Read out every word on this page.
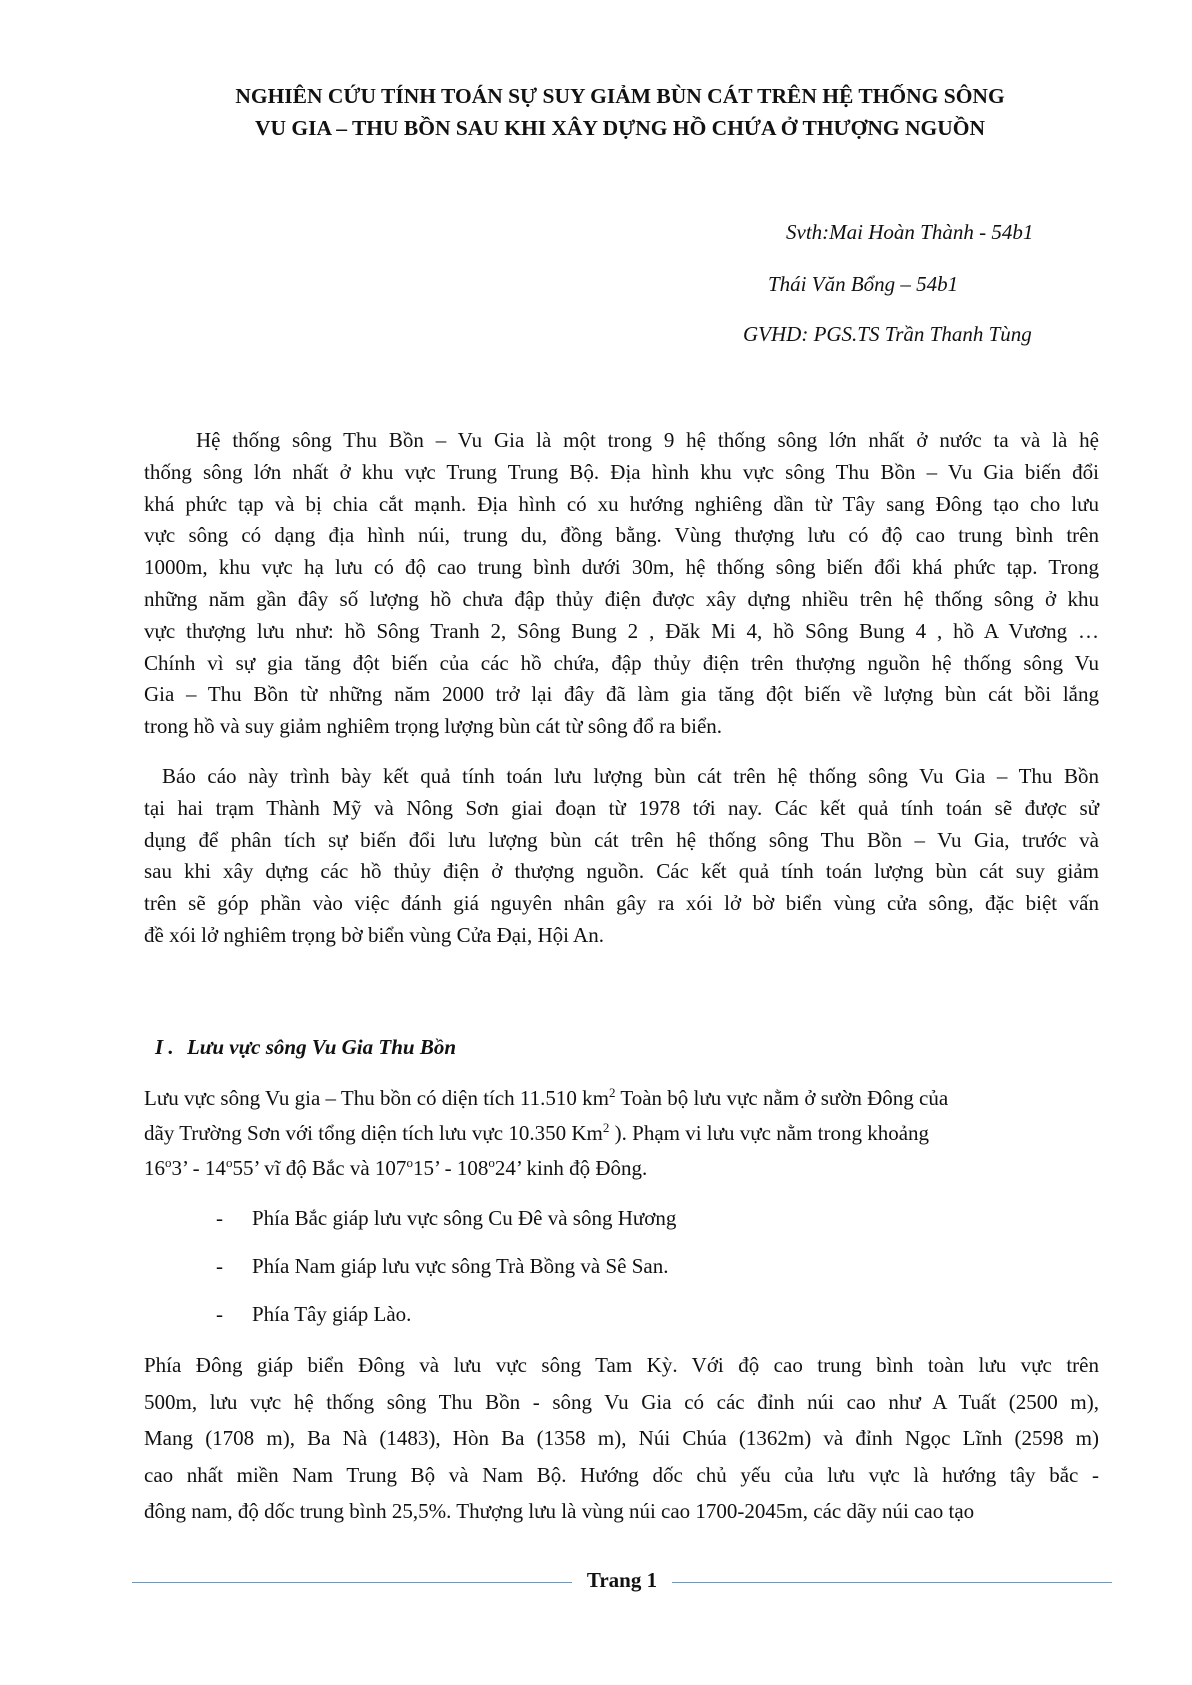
NGHIÊN CỨU TÍNH TOÁN SỰ SUY GIẢM BÙN CÁT TRÊN HỆ THỐNG SÔNG
VU GIA – THU BỒN SAU KHI XÂY DỰNG HỒ CHỨA Ở THƯỢNG NGUỒN
Svth:Mai Hoàn Thành - 54b1
Thái Văn Bổng – 54b1
GVHD: PGS.TS Trần Thanh Tùng
Hệ thống sông Thu Bồn – Vu Gia là một trong 9 hệ thống sông lớn nhất ở nước ta và là hệ
thống sông lớn nhất ở khu vực Trung Trung Bộ. Địa hình khu vực sông Thu Bồn – Vu Gia biến đổi
khá phức tạp và bị chia cắt mạnh. Địa hình có xu hướng nghiêng dần từ Tây sang Đông tạo cho lưu
vực sông có dạng địa hình núi, trung du, đồng bằng. Vùng thượng lưu có độ cao trung bình trên
1000m, khu vực hạ lưu có độ cao trung bình dưới 30m, hệ thống sông biến đổi khá phức tạp. Trong
những năm gần đây số lượng hồ chưa đập thủy điện được xây dựng nhiều trên hệ thống sông ở khu
vực thượng lưu như: hồ Sông Tranh 2, Sông Bung 2 , Đăk Mi 4, hồ Sông Bung 4 , hồ A Vương …
Chính vì sự gia tăng đột biến của các hồ chứa, đập thủy điện trên thượng nguồn hệ thống sông Vu
Gia – Thu Bồn từ những năm 2000 trở lại đây đã làm gia tăng đột biến về lượng bùn cát bồi lắng
trong hồ và suy giảm nghiêm trọng lượng bùn cát từ sông đổ ra biển.
Báo cáo này trình bày kết quả tính toán lưu lượng bùn cát trên hệ thống sông Vu Gia – Thu Bồn
tại hai trạm Thành Mỹ và Nông Sơn giai đoạn từ 1978 tới nay. Các kết quả tính toán sẽ được sử
dụng để phân tích sự biến đổi lưu lượng bùn cát trên hệ thống sông Thu Bồn – Vu Gia, trước và
sau khi xây dựng các hồ thủy điện ở thượng nguồn. Các kết quả tính toán lượng bùn cát suy giảm
trên sẽ góp phần vào việc đánh giá nguyên nhân gây ra xói lở bờ biển vùng cửa sông, đặc biệt vấn
đề xói lở nghiêm trọng bờ biển vùng Cửa Đại, Hội An.
I . Lưu vực sông Vu Gia Thu Bồn
Lưu vực sông Vu gia – Thu bồn có diện tích 11.510 $km^2$ Toàn bộ lưu vực nằm ở sườn Đông của
dãy Trường Sơn với tổng diện tích lưu vực 10.350 Km$^2$ ). Phạm vi lưu vực nằm trong khoảng
16$^o$3’ - 14$^o$55’ vĩ độ Bắc và 107$^o$15’ - 108$^o$24’ kinh độ Đông.
- Phía Bắc giáp lưu vực sông Cu Đê và sông Hương
- Phía Nam giáp lưu vực sông Trà Bồng và Sê San.
- Phía Tây giáp Lào.
Phía Đông giáp biển Đông và lưu vực sông Tam Kỳ. Với độ cao trung bình toàn lưu vực trên
500m, lưu vực hệ thống sông Thu Bồn - sông Vu Gia có các đỉnh núi cao như A Tuất (2500 m),
Mang (1708 m), Ba Nà (1483), Hòn Ba (1358 m), Núi Chúa (1362m) và đỉnh Ngọc Lĩnh (2598 m)
cao nhất miền Nam Trung Bộ và Nam Bộ. Hướng dốc chủ yếu của lưu vực là hướng tây bắc -
đông nam, độ dốc trung bình 25,5%. Thượng lưu là vùng núi cao 1700-2045m, các dãy núi cao tạo
Trang 1
